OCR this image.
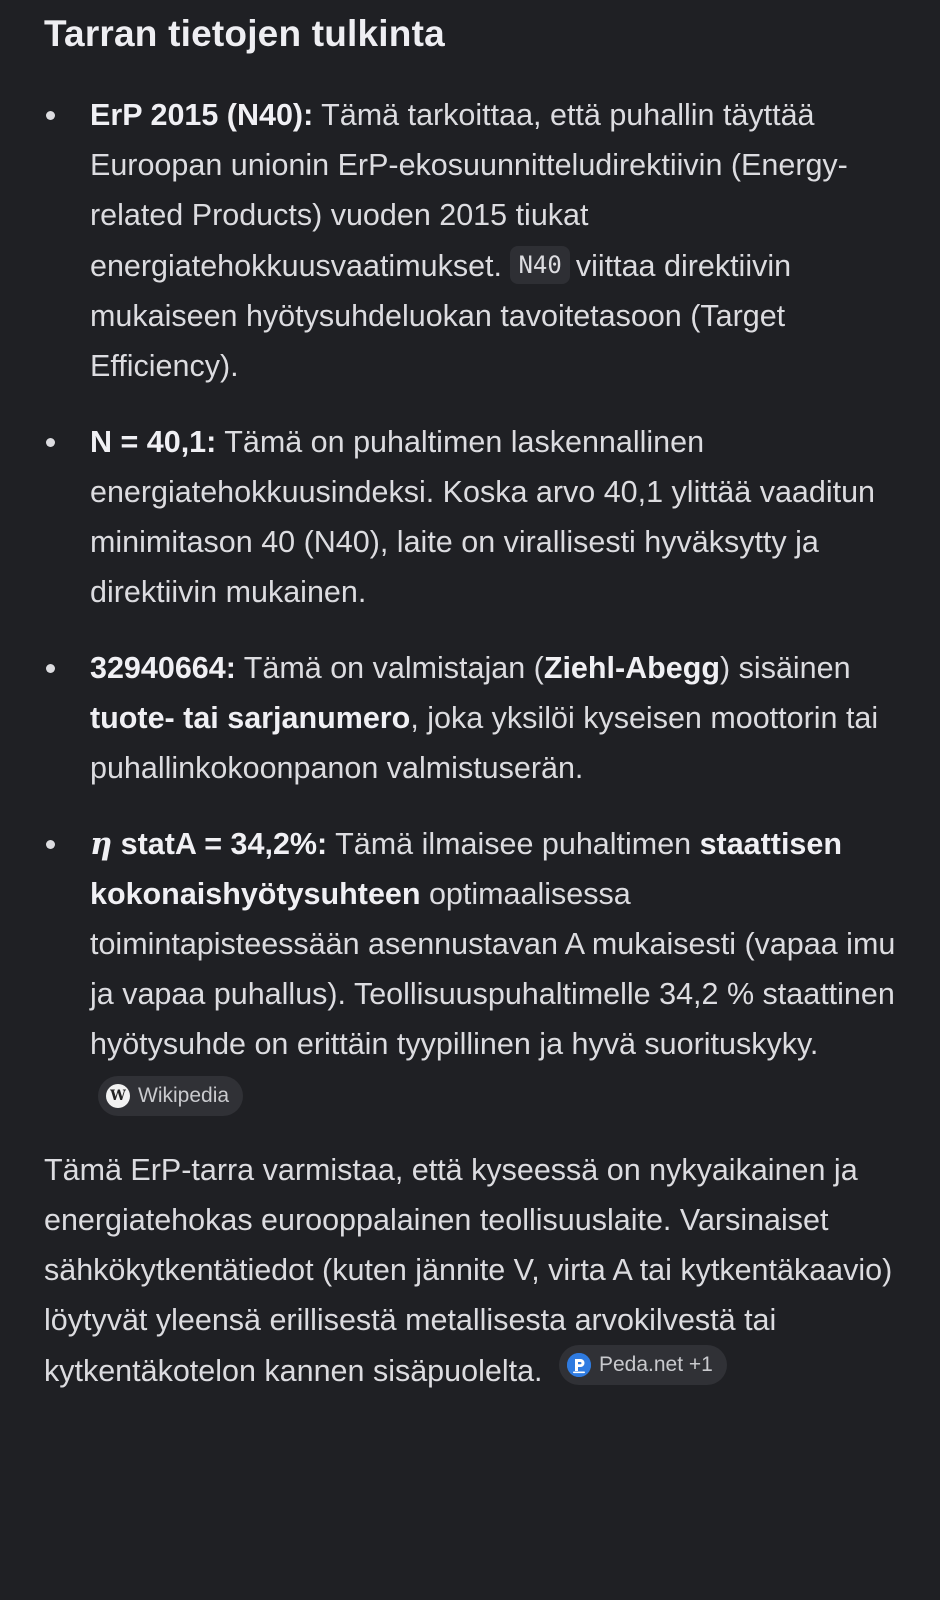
Tarran tietojen tulkinta
ErP 2015 (N40): Tämä tarkoittaa, että puhallin täyttää Euroopan unionin ErP-ekosuunnitteludirektiivin (Energy-related Products) vuoden 2015 tiukat energiatehokkuusvaatimukset. N40 viittaa direktiivin mukaiseen hyötysuhdeluokan tavoitetasoon (Target Efficiency).
N = 40,1: Tämä on puhaltimen laskennallinen energiatehokkuusindeksi. Koska arvo 40,1 ylittää vaaditun minimitason 40 (N40), laite on virallisesti hyväksytty ja direktiivin mukainen.
32940664: Tämä on valmistajan (Ziehl-Abegg) sisäinen tuote- tai sarjanumero, joka yksilöi kyseisen moottorin tai puhallinkokoonpanon valmistuserän.
η statA = 34,2%: Tämä ilmaisee puhaltimen staattisen kokonaishyötysuhteen optimaalisessa toimintapisteessään asennustavan A mukaisesti (vapaa imu ja vapaa puhallus). Teollisuuspuhaltimelle 34,2 % staattinen hyötysuhde on erittäin tyypillinen ja hyvä suorituskyky.
W Wikipedia

Tämä ErP-tarra varmistaa, että kyseessä on nykyaikainen ja energiatehokas eurooppalainen teollisuuslaite. Varsinaiset sähkökytkentätiedot (kuten jännite V, virta A tai kytkentäkaavio) löytyvät yleensä erillisestä metallisesta arvokilvestä tai kytkentäkotelon kannen sisäpuolelta.	Peda.net +1
